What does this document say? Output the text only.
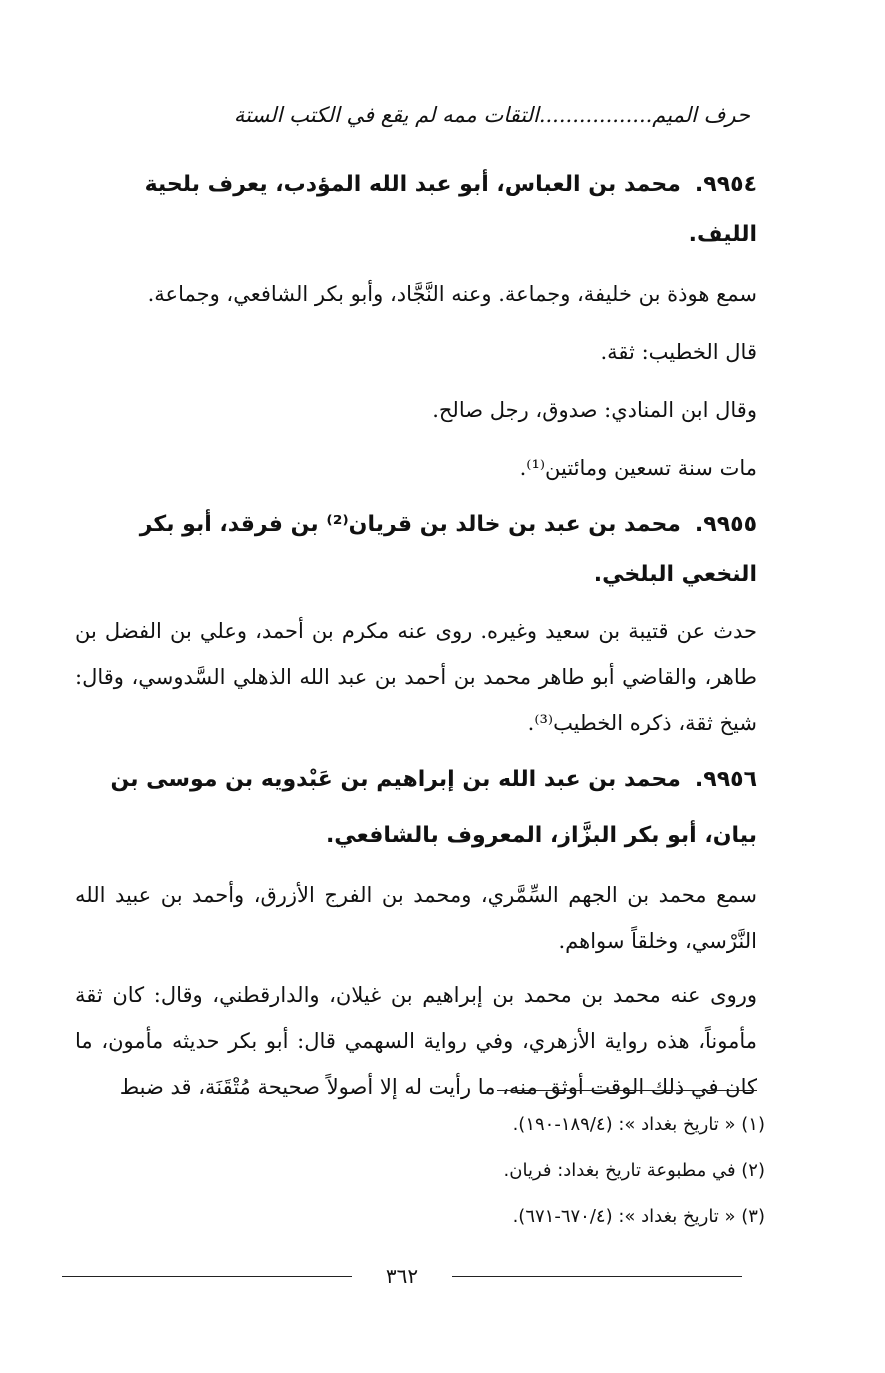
حرف الميم.................التقات ممه لم يقع في الكتب الستة

٩٩٥٤.محمد بن العباس، أبو عبد الله المؤدب، يعرف بلحية الليف.

سمع هوذة بن خليفة، وجماعة. وعنه النَّجَّاد، وأبو بكر الشافعي، وجماعة.

قال الخطيب: ثقة.

وقال ابن المنادي: صدوق، رجل صالح.

مات سنة تسعين ومائتين⁽¹⁾.

٩٩٥٥.محمد بن عبد بن خالد بن قريان⁽²⁾ بن فرقد، أبو بكر النخعي البلخي.

حدث عن قتيبة بن سعيد وغيره. روى عنه مكرم بن أحمد، وعلي بن الفضل بن طاهر، والقاضي أبو طاهر محمد بن أحمد بن عبد الله الذهلي السَّدوسي، وقال: شيخ ثقة، ذكره الخطيب⁽³⁾.

٩٩٥٦.محمد بن عبد الله بن إبراهيم بن عَبْدويه بن موسى بن بيان، أبو بكر البزَّاز، المعروف بالشافعي.

سمع محمد بن الجهم السِّمَّري، ومحمد بن الفرج الأزرق، وأحمد بن عبيد الله النَّرْسي، وخلقاً سواهم.

وروى عنه محمد بن محمد بن إبراهيم بن غيلان، والدارقطني، وقال: كان ثقة مأموناً، هذه رواية الأزهري، وفي رواية السهمي قال: أبو بكر حديثه مأمون، ما كان في ذلك الوقت أوثق منه، ما رأيت له إلا أصولاً صحيحة مُتْقَنَة، قد ضبط

(١) « تاريخ بغداد »: (١٨٩/٤-١٩٠).

(٢) في مطبوعة تاريخ بغداد: فريان.

(٣) « تاريخ بغداد »: (٦٧٠/٤-٦٧١).

٣٦٢
